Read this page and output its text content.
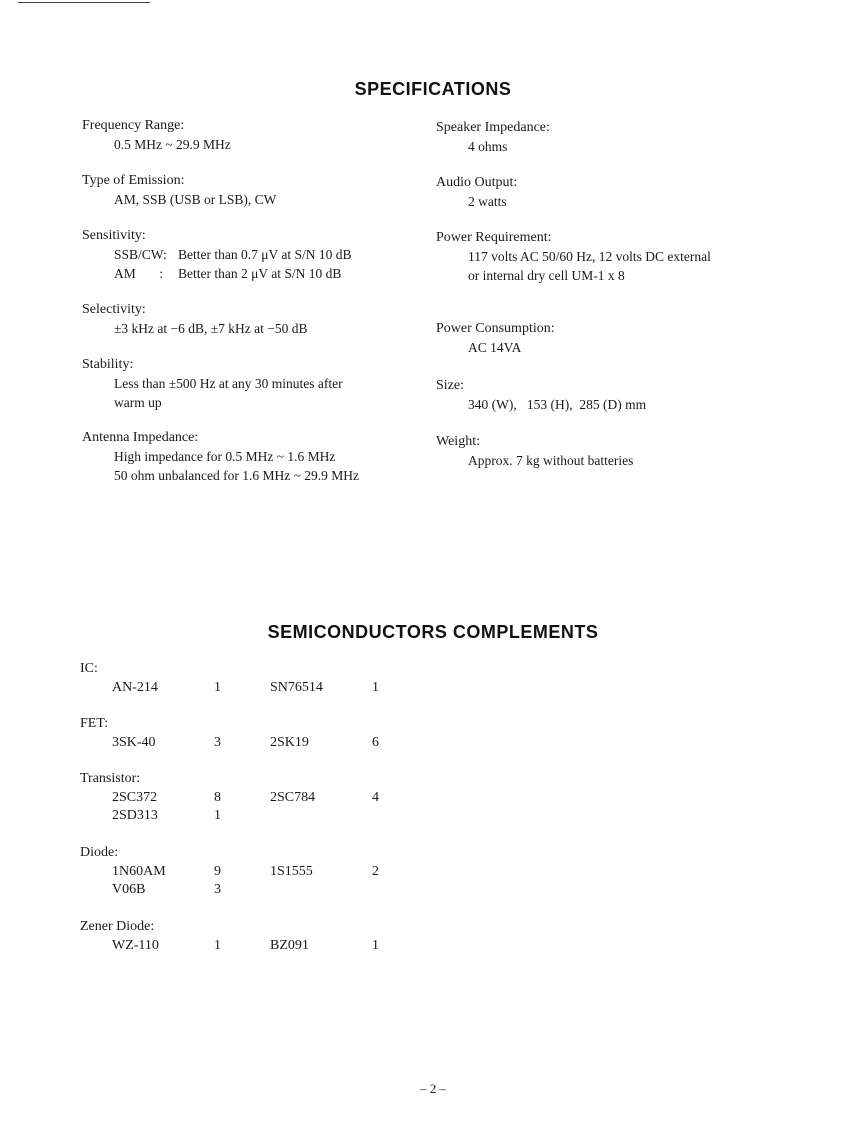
SPECIFICATIONS
Frequency Range:
0.5 MHz ~ 29.9 MHz
Type of Emission:
AM, SSB (USB or LSB), CW
Sensitivity:
SSB/CW: Better than 0.7 μV at S/N 10 dB
AM       : Better than 2 μV at S/N 10 dB
Selectivity:
±3 kHz at −6 dB, ±7 kHz at −50 dB
Stability:
Less than ±500 Hz at any 30 minutes after
warm up
Antenna Impedance:
High impedance for 0.5 MHz ~ 1.6 MHz
50 ohm unbalanced for 1.6 MHz ~ 29.9 MHz
Speaker Impedance:
4 ohms
Audio Output:
2 watts
Power Requirement:
117 volts AC 50/60 Hz, 12 volts DC external
or internal dry cell UM-1 x 8
Power Consumption:
AC 14VA
Size:
340 (W),   153 (H),  285 (D) mm
Weight:
Approx. 7 kg without batteries
SEMICONDUCTORS COMPLEMENTS
IC:
AN-214	1	SN76514	1
FET:
3SK-40	3	2SK19	6
Transistor:
2SC372	8	2SC784	4
2SD313	1
Diode:
1N60AM	9	1S1555	2
V06B	3
Zener Diode:
WZ-110	1	BZ091	1
– 2 –
